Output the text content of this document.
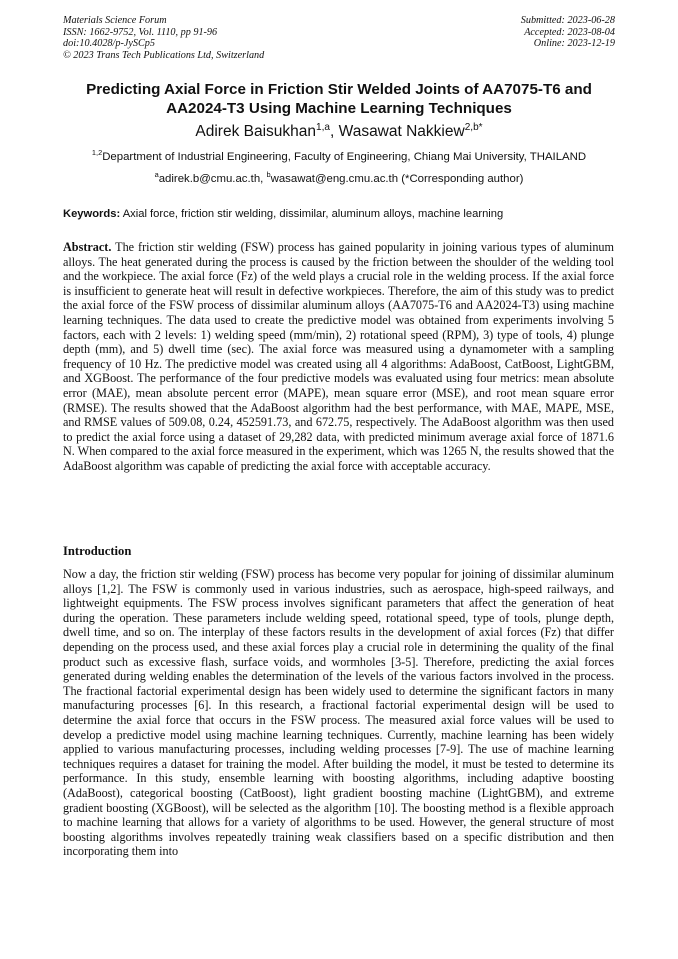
Materials Science Forum
ISSN: 1662-9752, Vol. 1110, pp 91-96
doi:10.4028/p-JySCp5
© 2023 Trans Tech Publications Ltd, Switzerland
Submitted: 2023-06-28
Accepted: 2023-08-04
Online: 2023-12-19
Predicting Axial Force in Friction Stir Welded Joints of AA7075-T6 and
AA2024-T3 Using Machine Learning Techniques
Adirek Baisukhan$^{1,a}$, Wasawat Nakkiew$^{2,b*}$
$^{1,2}$Department of Industrial Engineering, Faculty of Engineering, Chiang Mai University, THAILAND
$^a$adirek.b@cmu.ac.th, $^b$wasawat@eng.cmu.ac.th (*Corresponding author)
Keywords: Axial force, friction stir welding, dissimilar, aluminum alloys, machine learning
Abstract. The friction stir welding (FSW) process has gained popularity in joining various types of aluminum alloys. The heat generated during the process is caused by the friction between the shoulder of the welding tool and the workpiece. The axial force (Fz) of the weld plays a crucial role in the welding process. If the axial force is insufficient to generate heat will result in defective workpieces. Therefore, the aim of this study was to predict the axial force of the FSW process of dissimilar aluminum alloys (AA7075-T6 and AA2024-T3) using machine learning techniques. The data used to create the predictive model was obtained from experiments involving 5 factors, each with 2 levels: 1) welding speed (mm/min), 2) rotational speed (RPM), 3) type of tools, 4) plunge depth (mm), and 5) dwell time (sec). The axial force was measured using a dynamometer with a sampling frequency of 10 Hz. The predictive model was created using all 4 algorithms: AdaBoost, CatBoost, LightGBM, and XGBoost. The performance of the four predictive models was evaluated using four metrics: mean absolute error (MAE), mean absolute percent error (MAPE), mean square error (MSE), and root mean square error (RMSE). The results showed that the AdaBoost algorithm had the best performance, with MAE, MAPE, MSE, and RMSE values of 509.08, 0.24, 452591.73, and 672.75, respectively. The AdaBoost algorithm was then used to predict the axial force using a dataset of 29,282 data, with predicted minimum average axial force of 1871.6 N. When compared to the axial force measured in the experiment, which was 1265 N, the results showed that the AdaBoost algorithm was capable of predicting the axial force with acceptable accuracy.
Introduction
Now a day, the friction stir welding (FSW) process has become very popular for joining of dissimilar aluminum alloys [1,2]. The FSW is commonly used in various industries, such as aerospace, high-speed railways, and lightweight equipments. The FSW process involves significant parameters that affect the generation of heat during the operation. These parameters include welding speed, rotational speed, type of tools, plunge depth, dwell time, and so on. The interplay of these factors results in the development of axial forces (Fz) that differ depending on the process used, and these axial forces play a crucial role in determining the quality of the final product such as excessive flash, surface voids, and wormholes [3-5]. Therefore, predicting the axial forces generated during welding enables the determination of the levels of the various factors involved in the process. The fractional factorial experimental design has been widely used to determine the significant factors in many manufacturing processes [6]. In this research, a fractional factorial experimental design will be used to determine the axial force that occurs in the FSW process. The measured axial force values will be used to develop a predictive model using machine learning techniques. Currently, machine learning has been widely applied to various manufacturing processes, including welding processes [7-9]. The use of machine learning techniques requires a dataset for training the model. After building the model, it must be tested to determine its performance. In this study, ensemble learning with boosting algorithms, including adaptive boosting (AdaBoost), categorical boosting (CatBoost), light gradient boosting machine (LightGBM), and extreme gradient boosting (XGBoost), will be selected as the algorithm [10]. The boosting method is a flexible approach to machine learning that allows for a variety of algorithms to be used. However, the general structure of most boosting algorithms involves repeatedly training weak classifiers based on a specific distribution and then incorporating them into
